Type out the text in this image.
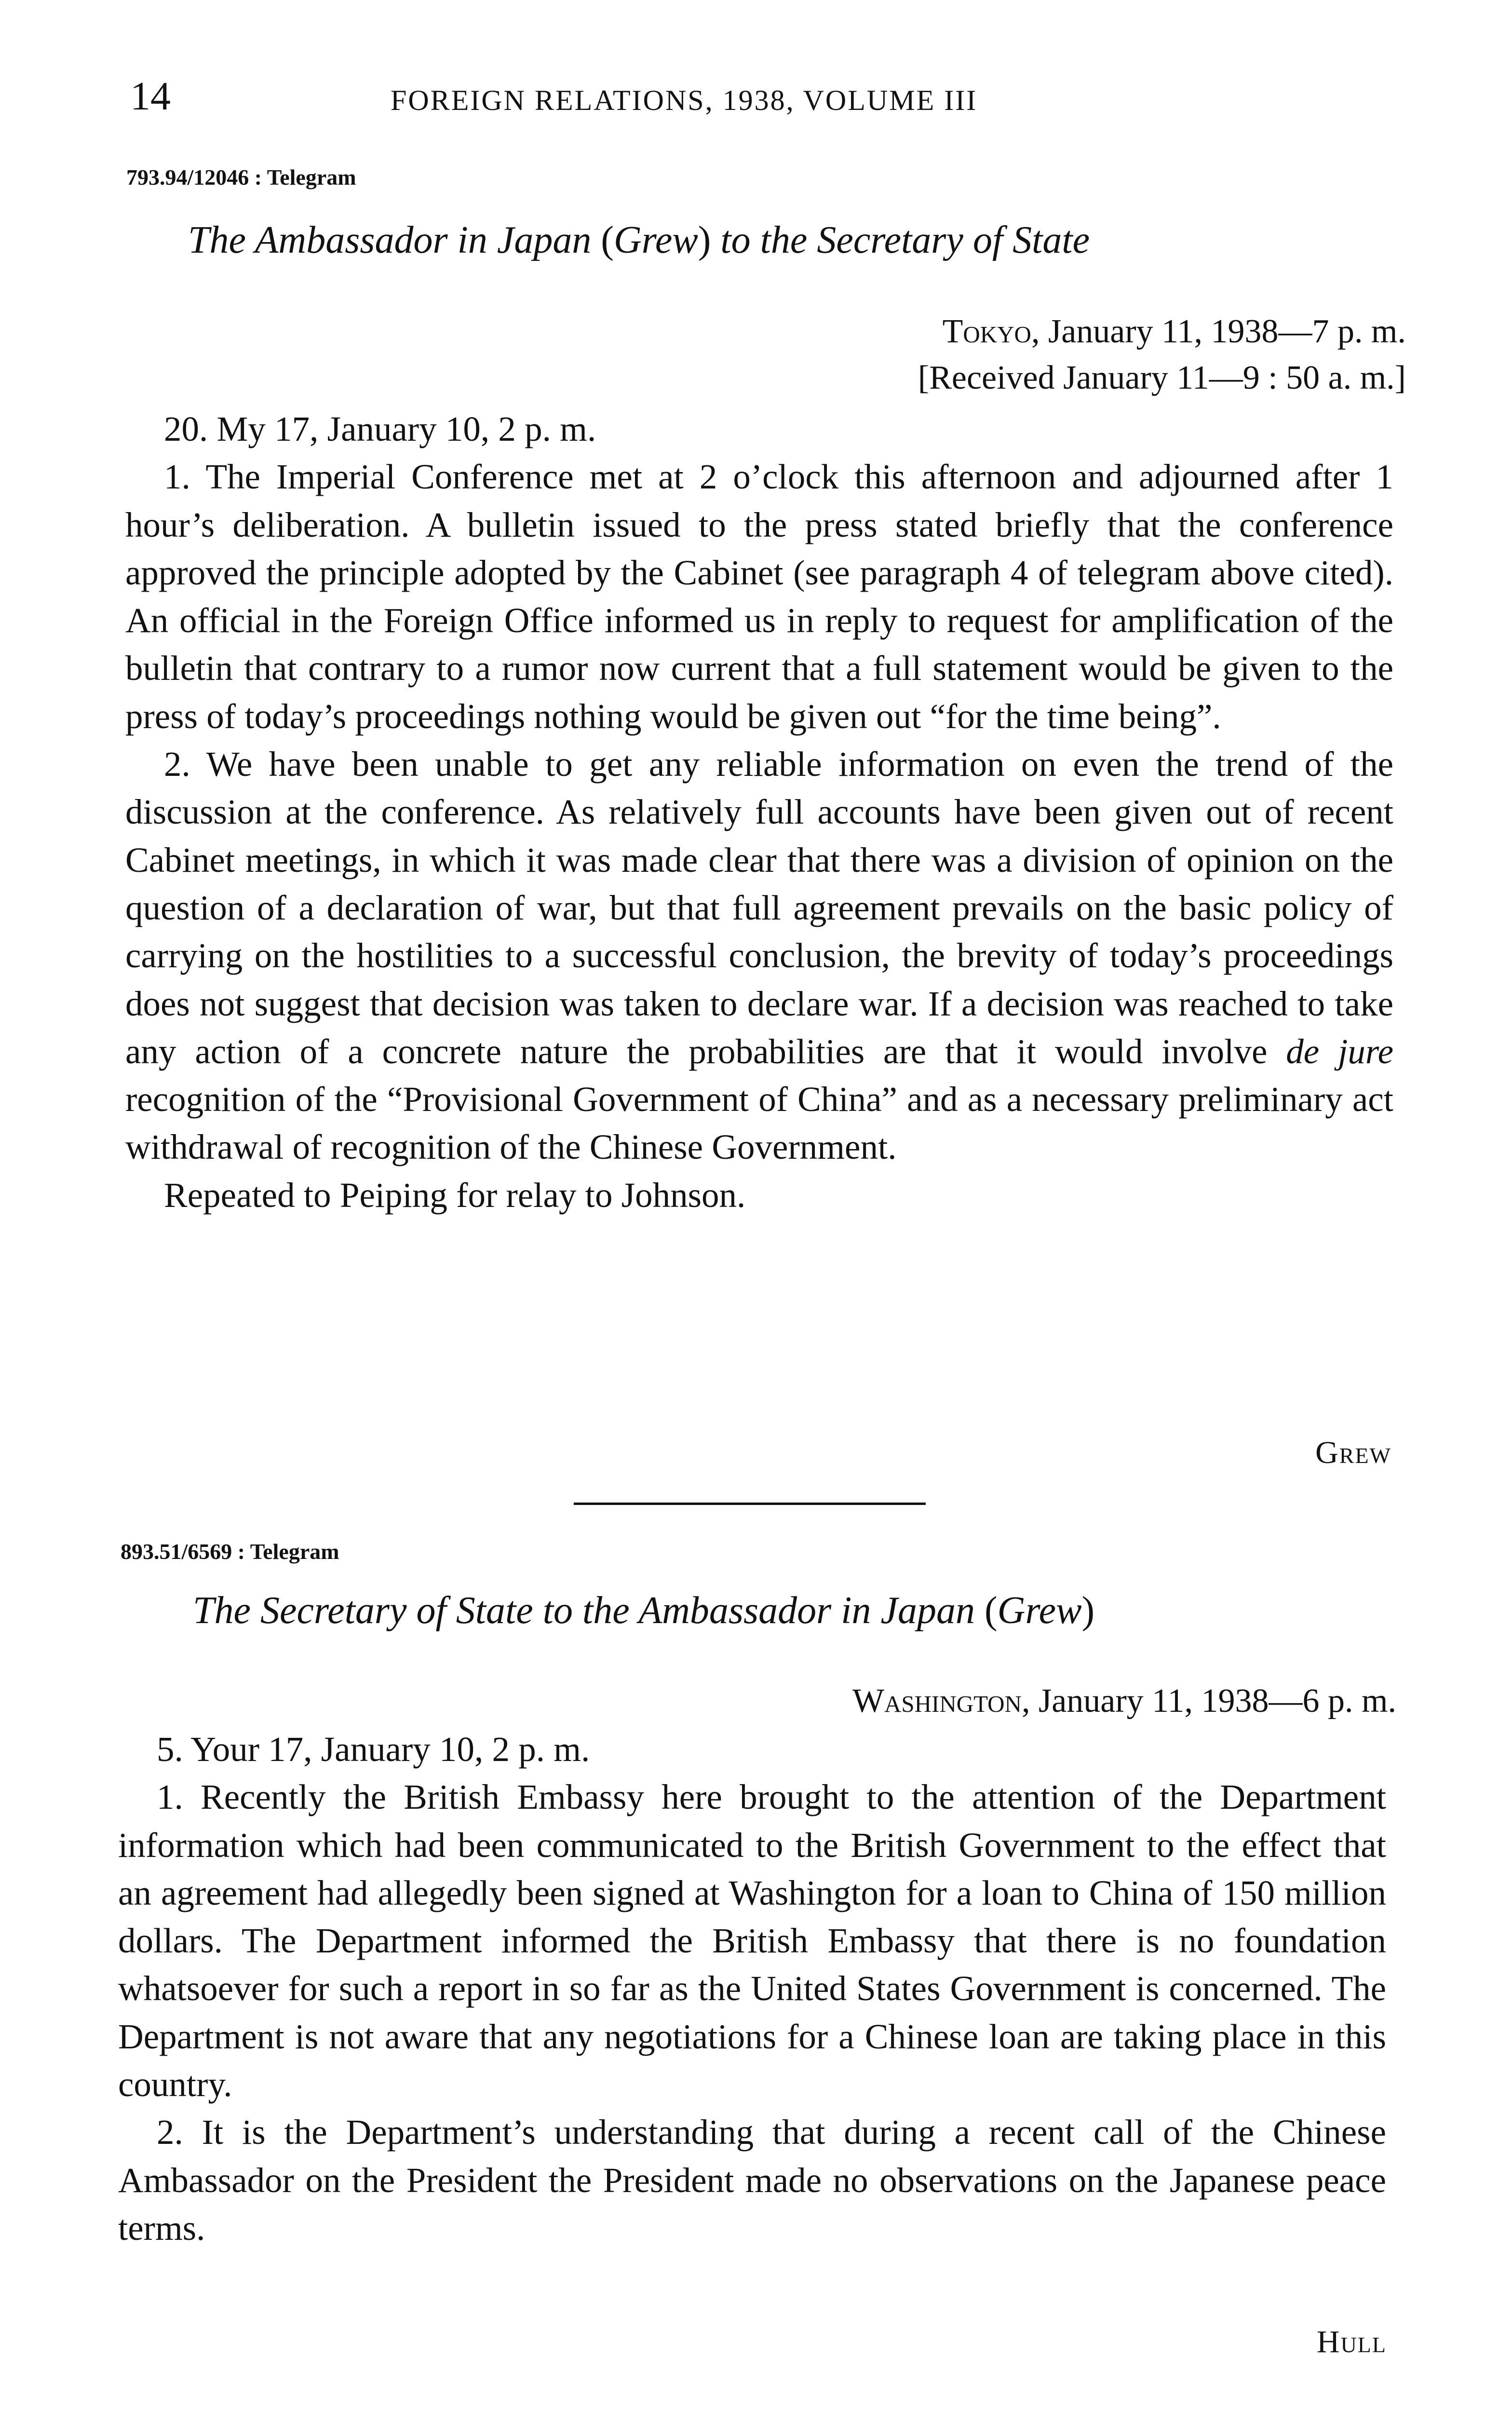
14	FOREIGN RELATIONS, 1938, VOLUME III
793.94/12046 : Telegram
The Ambassador in Japan (Grew) to the Secretary of State
Tokyo, January 11, 1938—7 p. m.
[Received January 11—9 : 50 a. m.]

20. My 17, January 10, 2 p. m.

1. The Imperial Conference met at 2 o’clock this afternoon and adjourned after 1 hour’s deliberation. A bulletin issued to the press stated briefly that the conference approved the principle adopted by the Cabinet (see paragraph 4 of telegram above cited). An official in the Foreign Office informed us in reply to request for amplification of the bulletin that contrary to a rumor now current that a full statement would be given to the press of today’s proceedings nothing would be given out “for the time being”.

2. We have been unable to get any reliable information on even the trend of the discussion at the conference. As relatively full accounts have been given out of recent Cabinet meetings, in which it was made clear that there was a division of opinion on the question of a declaration of war, but that full agreement prevails on the basic policy of carrying on the hostilities to a successful conclusion, the brevity of today’s proceedings does not suggest that decision was taken to declare war. If a decision was reached to take any action of a concrete nature the probabilities are that it would involve de jure recognition of the “Provisional Government of China” and as a necessary preliminary act withdrawal of recognition of the Chinese Government.

Repeated to Peiping for relay to Johnson.

Grew
893.51/6569 : Telegram
The Secretary of State to the Ambassador in Japan (Grew)
Washington, January 11, 1938—6 p. m.

5. Your 17, January 10, 2 p. m.

1. Recently the British Embassy here brought to the attention of the Department information which had been communicated to the British Government to the effect that an agreement had allegedly been signed at Washington for a loan to China of 150 million dollars. The Department informed the British Embassy that there is no foundation whatsoever for such a report in so far as the United States Government is concerned. The Department is not aware that any negotiations for a Chinese loan are taking place in this country.

2. It is the Department’s understanding that during a recent call of the Chinese Ambassador on the President the President made no observations on the Japanese peace terms.

Hull
